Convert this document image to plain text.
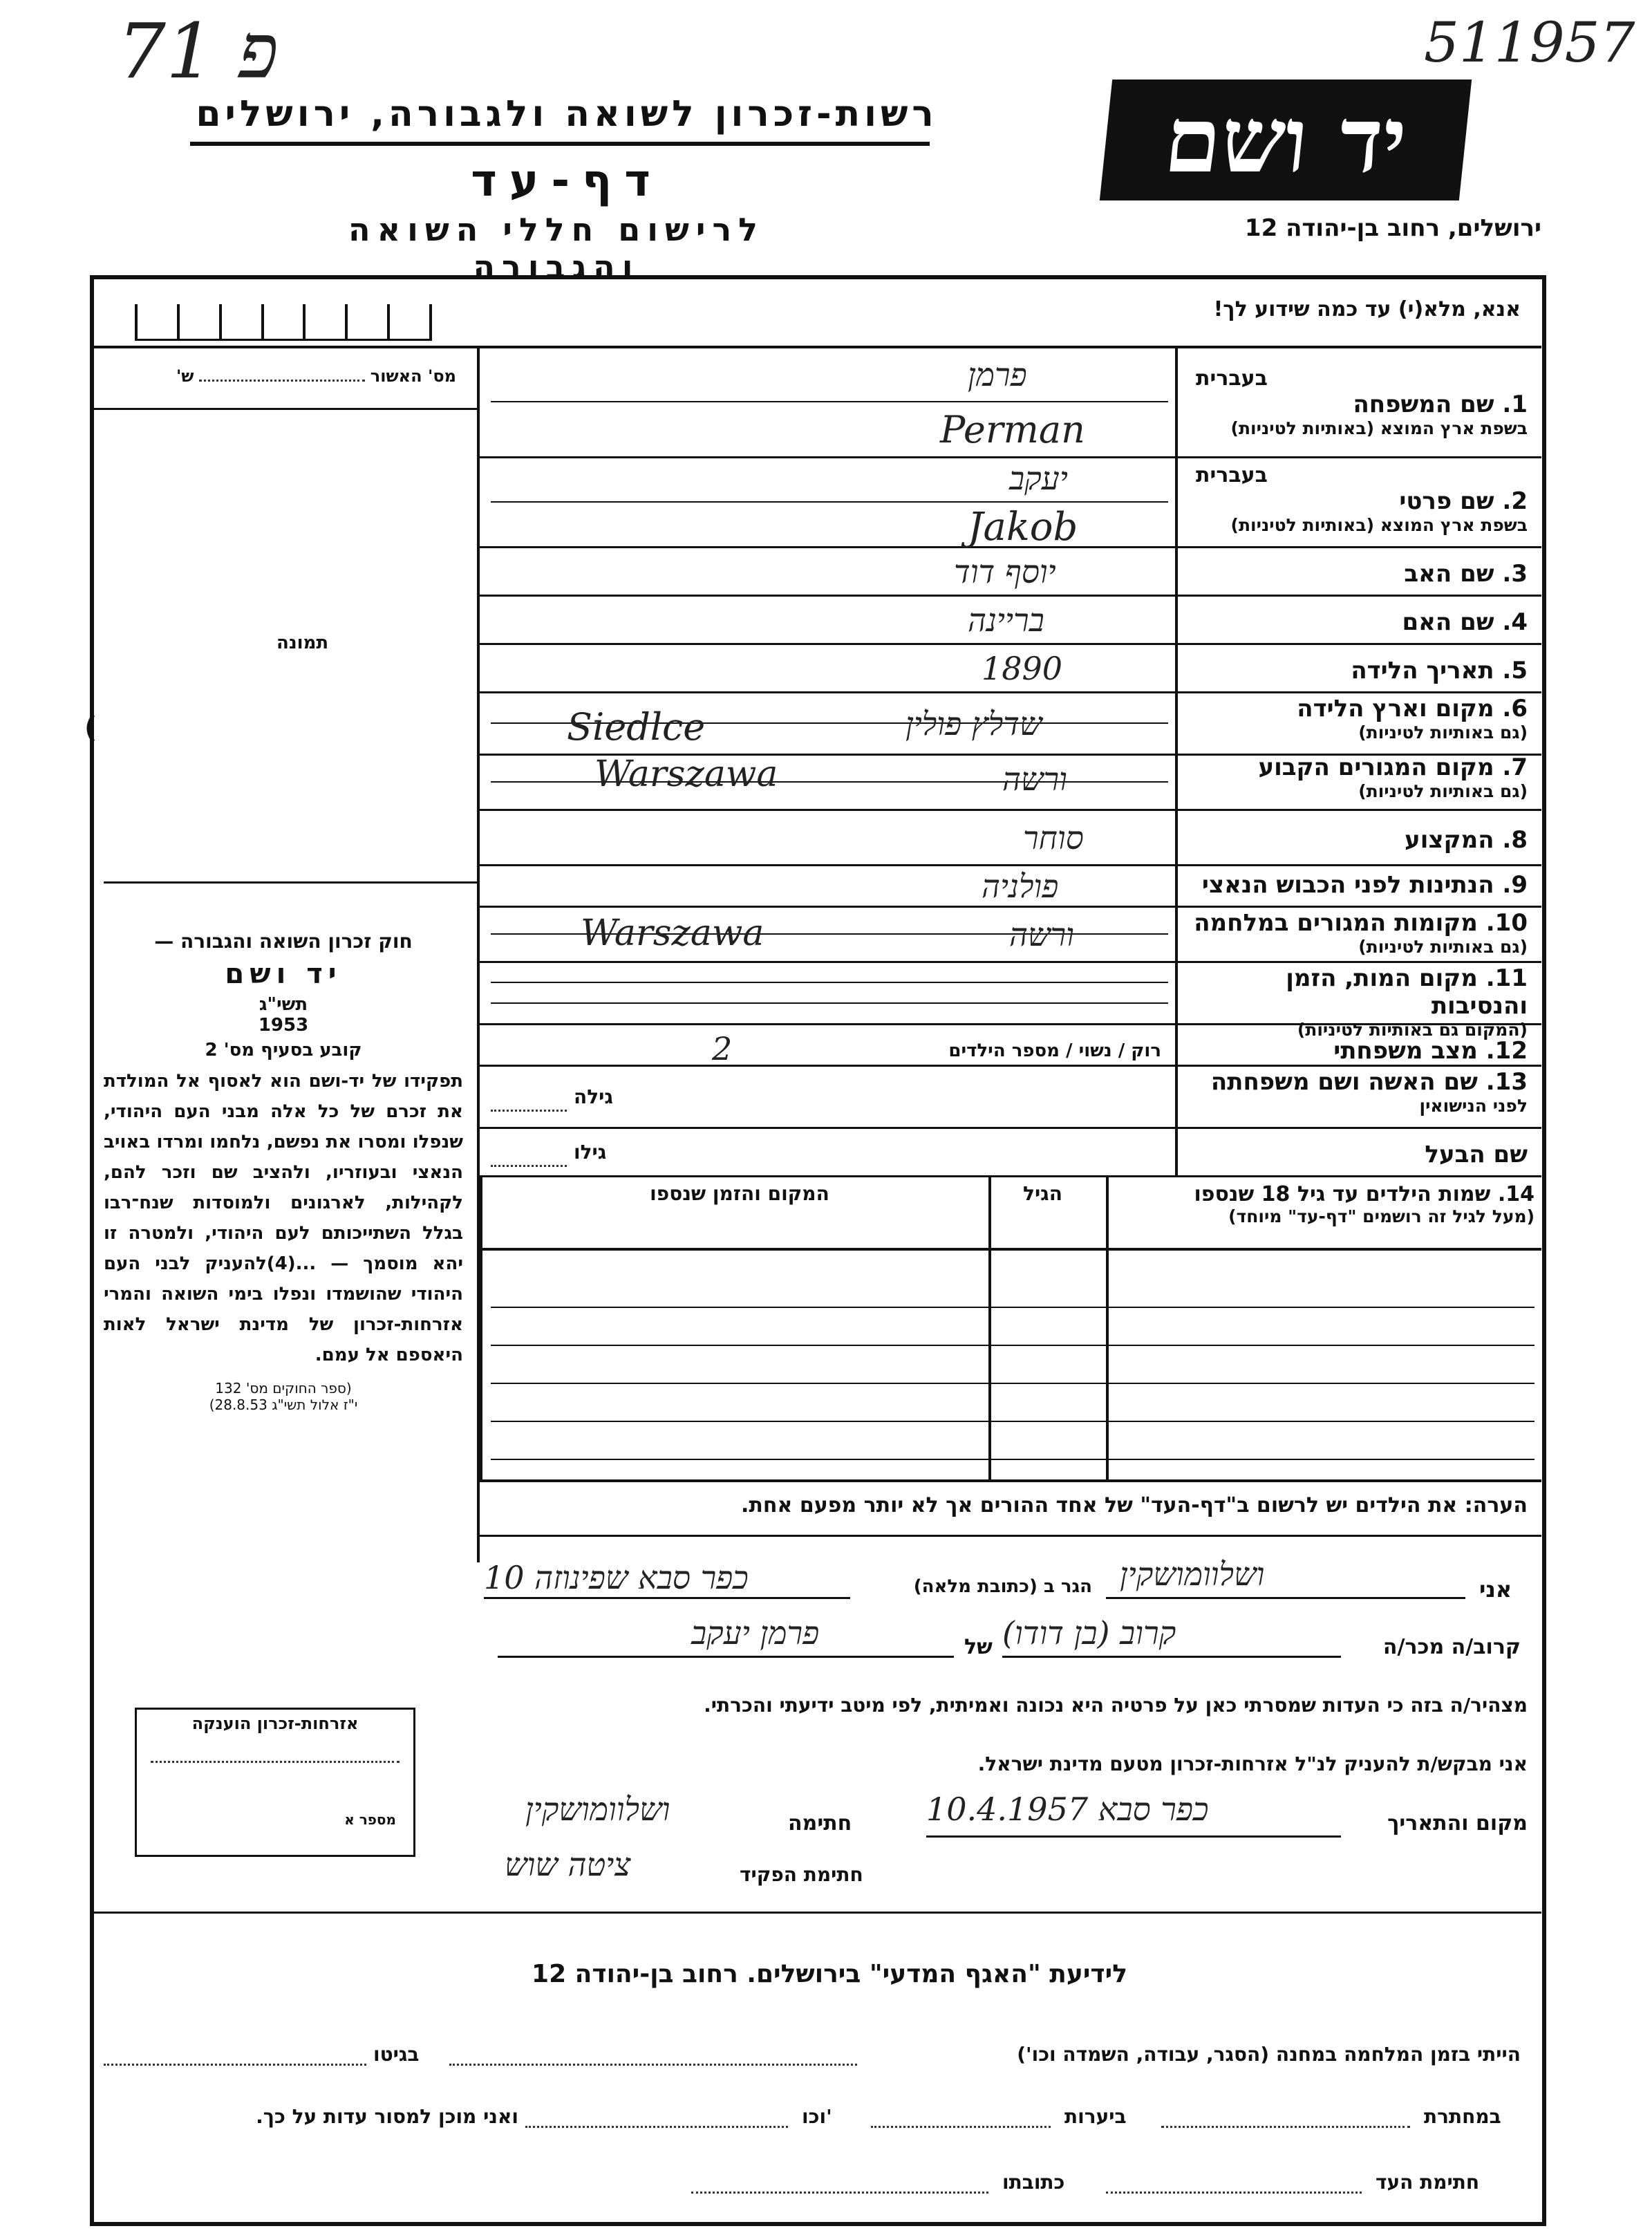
פ 71	511957
יד ושם
רשות-זכרון לשואה ולגבורה, ירושלים
דף-עד
לרישום חללי השואה והגבורה
ירושלים, רחוב בן-יהודה 12
אנא, מלא(י) עד כמה שידוע לך!
מס' האשור  ש'
תמונה
(
חוק זכרון השואה והגבורה —
יד ושם
תשי"ג
1953
קובע בסעיף מס' 2
תפקידו של יד-ושם הוא לאסוף אל המולדת את זכרם של כל אלה מבני העם היהודי, שנפלו ומסרו את נפשם, נלחמו ומרדו באויב הנאצי ובעוזריו, ולהציב שם וזכר להם, לקהילות, לארגונים ולמוסדות שנח־רבו בגלל השתייכותם לעם היהודי, ולמטרה זו יהא מוסמך — ...(4)להעניק לבני העם היהודי שהושמדו ונפלו בימי השואה והמרי אזרחות-זכרון של מדינת ישראל לאות היאספם אל עמם.
(ספר החוקים מס' 132
י"ז אלול תשי"ג 28.8.53)
אזרחות-זכרון הוענקה
מספר א
בעברית
1. שם המשפחה
בשפת ארץ המוצא (באותיות לטיניות)
פרמן
Perman
בעברית
2. שם פרטי
בשפת ארץ המוצא (באותיות לטיניות)
יעקב
Jakob
3. שם האב
יוסף דוד
4. שם האם
בריינה
5. תאריך הלידה
1890
6. מקום וארץ הלידה
(גם באותיות לטיניות)
שדלץ פולין
Siedlce
7. מקום המגורים הקבוע
(גם באותיות לטיניות)
ורשה
Warszawa
8. המקצוע
סוחר
9. הנתינות לפני הכבוש הנאצי
פולניה
10. מקומות המגורים במלחמה
(גם באותיות לטיניות)
ורשה
Warszawa
11. מקום המות, הזמן והנסיבות
(המקום גם באותיות לטיניות)
12. מצב משפחתי
רוק / נשוי / מספר הילדים
2
13. שם האשה ושם משפחתה
לפני הנישואין
גילה
שם הבעל
גילו
14. שמות הילדים עד גיל 18 שנספו
(מעל לגיל זה רושמים "דף-עד" מיוחד)
הגיל
המקום והזמן שנספו
הערה: את הילדים יש לרשום ב"דף-העד" של אחד ההורים אך לא יותר מפעם אחת.
אני
ושלוומושקין
הגר ב (כתובת מלאה)
כפר סבא שפינוזה 10
קרוב/ה מכר/ה
קרוב (בן דודו)
של
פרמן יעקב
מצהיר/ה בזה כי העדות שמסרתי כאן על פרטיה היא נכונה ואמיתית, לפי מיטב ידיעתי והכרתי.
אני מבקש/ת להעניק לנ"ל אזרחות-זכרון מטעם מדינת ישראל.
מקום והתאריך
כפר סבא 10.4.1957
חתימה
ושלוומושקין
חתימת הפקיד
ציטה שוש
לידיעת "האגף המדעי" בירושלים. רחוב בן-יהודה 12
הייתי בזמן המלחמה במחנה (הסגר, עבודה, השמדה וכו')
בגיטו
במחתרת
ביערות
וכו'
ואני מוכן למסור עדות על כך.
חתימת העד
כתובתו
